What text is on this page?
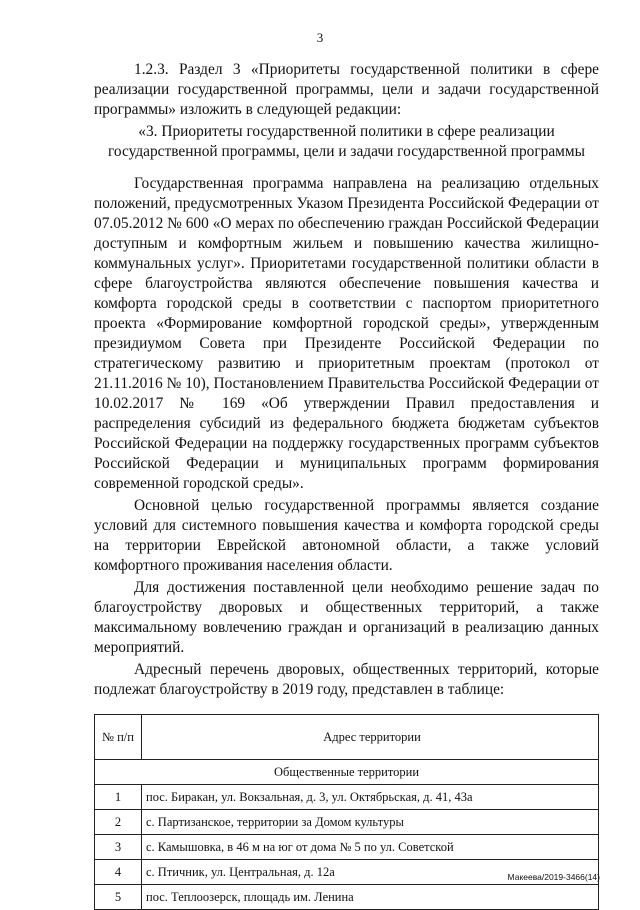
3

1.2.3. Раздел 3 «Приоритеты государственной политики в сфере реализации государственной программы, цели и задачи государственной программы» изложить в следующей редакции:

«3. Приоритеты государственной политики в сфере реализации государственной программы, цели и задачи государственной программы

Государственная программа направлена на реализацию отдельных положений, предусмотренных Указом Президента Российской Федерации от 07.05.2012 № 600 «О мерах по обеспечению граждан Российской Федерации доступным и комфортным жильем и повышению качества жилищно-коммунальных услуг». Приоритетами государственной политики области в сфере благоустройства являются обеспечение повышения качества и комфорта городской среды в соответствии с паспортом приоритетного проекта «Формирование комфортной городской среды», утвержденным президиумом Совета при Президенте Российской Федерации по стратегическому развитию и приоритетным проектам (протокол от 21.11.2016 № 10), Постановлением Правительства Российской Федерации от 10.02.2017 № 169 «Об утверждении Правил предоставления и распределения субсидий из федерального бюджета бюджетам субъектов Российской Федерации на поддержку государственных программ субъектов Российской Федерации и муниципальных программ формирования современной городской среды».

Основной целью государственной программы является создание условий для системного повышения качества и комфорта городской среды на территории Еврейской автономной области, а также условий комфортного проживания населения области.

Для достижения поставленной цели необходимо решение задач по благоустройству дворовых и общественных территорий, а также максимальному вовлечению граждан и организаций в реализацию данных мероприятий.

Адресный перечень дворовых, общественных территорий, которые подлежат благоустройству в 2019 году, представлен в таблице:

№ п/п	Адрес территории
Общественные территории	
1	пос. Биракан, ул. Вокзальная, д. 3, ул. Октябрьская, д. 41, 43а
2	с. Партизанское, территории за Домом культуры
3	с. Камышовка, в 46 м на юг от дома № 5 по ул. Советской
4	с. Птичник, ул. Центральная, д. 12а
5	пос. Теплоозерск, площадь им. Ленина
Макеева/2019-3466(14)
